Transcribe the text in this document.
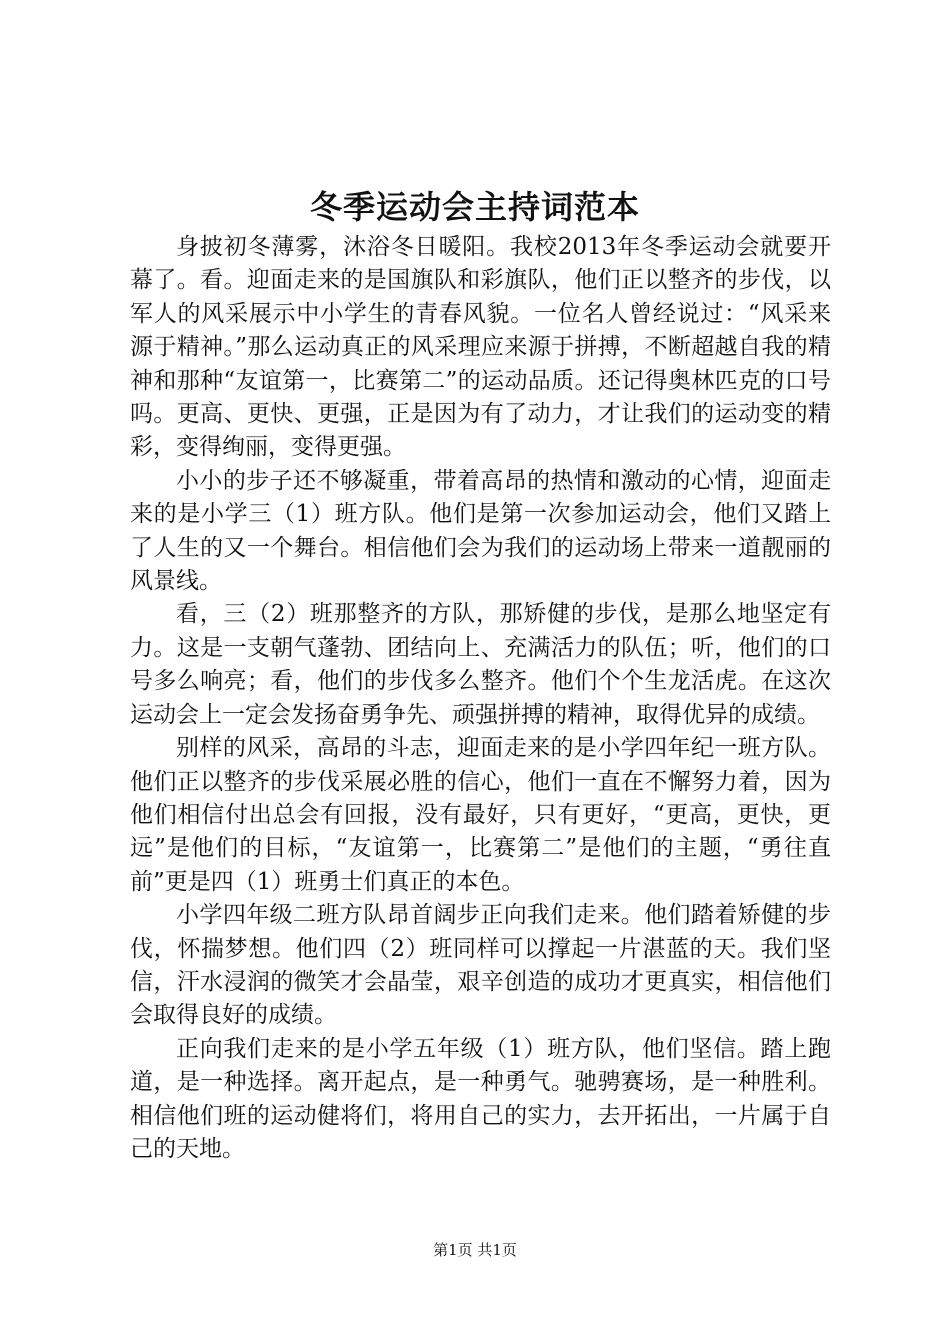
冬季运动会主持词范本

身披初冬薄雾，沐浴冬日暖阳。我校2013年冬季运动会就要开幕了。看。迎面走来的是国旗队和彩旗队，他们正以整齐的步伐，以军人的风采展示中小学生的青春风貌。一位名人曾经说过：“风采来源于精神。”那么运动真正的风采理应来源于拼搏，不断超越自我的精神和那种“友谊第一，比赛第二”的运动品质。还记得奥林匹克的口号吗。更高、更快、更强，正是因为有了动力，才让我们的运动变的精彩，变得绚丽，变得更强。

小小的步子还不够凝重，带着高昂的热情和激动的心情，迎面走来的是小学三（1）班方队。他们是第一次参加运动会，他们又踏上了人生的又一个舞台。相信他们会为我们的运动场上带来一道靓丽的风景线。

看，三（2）班那整齐的方队，那矫健的步伐，是那么地坚定有力。这是一支朝气蓬勃、团结向上、充满活力的队伍；听，他们的口号多么响亮；看，他们的步伐多么整齐。他们个个生龙活虎。在这次运动会上一定会发扬奋勇争先、顽强拼搏的精神，取得优异的成绩。

别样的风采，高昂的斗志，迎面走来的是小学四年纪一班方队。他们正以整齐的步伐采展必胜的信心，他们一直在不懈努力着，因为他们相信付出总会有回报，没有最好，只有更好，“更高，更快，更远”是他们的目标，“友谊第一，比赛第二”是他们的主题，“勇往直前”更是四（1）班勇士们真正的本色。

小学四年级二班方队昂首阔步正向我们走来。他们踏着矫健的步伐，怀揣梦想。他们四（2）班同样可以撑起一片湛蓝的天。我们坚信，汗水浸润的微笑才会晶莹，艰辛创造的成功才更真实，相信他们会取得良好的成绩。

正向我们走来的是小学五年级（1）班方队，他们坚信。踏上跑道，是一种选择。离开起点，是一种勇气。驰骋赛场，是一种胜利。相信他们班的运动健将们，将用自己的实力，去开拓出，一片属于自己的天地。

第1页 共1页
